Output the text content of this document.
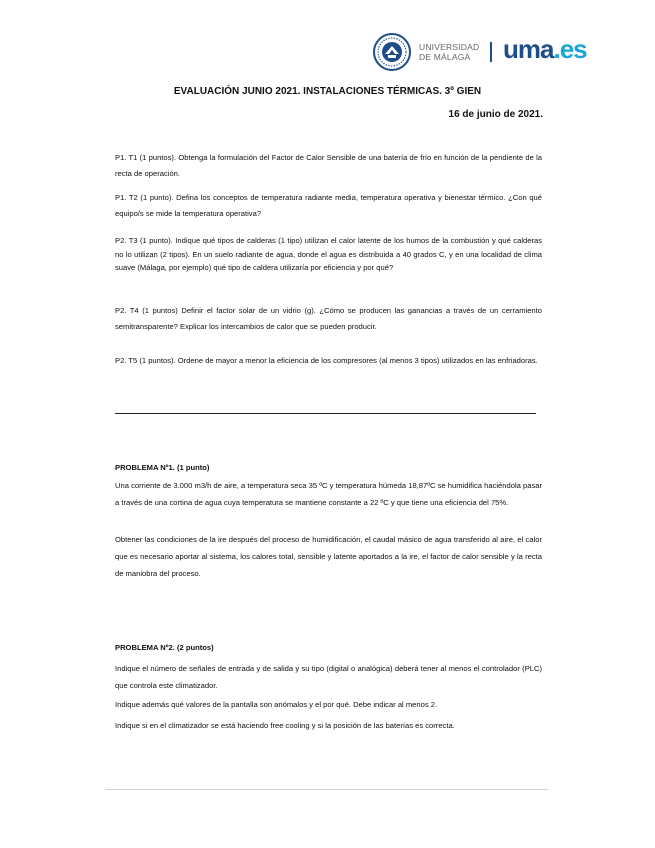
UNIVERSIDAD
DE MÁLAGA	uma.es
EVALUACIÓN JUNIO 2021. INSTALACIONES TÉRMICAS. 3º GIEN
16 de junio de 2021.

P1. T1 (1 puntos). Obtenga la formulación del Factor de Calor Sensible de una batería de frío en función de la pendiente de la recta de operación.

P1. T2 (1 punto). Defina los conceptos de temperatura radiante media, temperatura operativa y bienestar térmico. ¿Con qué equipo/s se mide la temperatura operativa?

P2. T3 (1 punto). Indique qué tipos de calderas (1 tipo) utilizan el calor latente de los humos de la combustión y qué calderas no lo utilizan (2 tipos). En un suelo radiante de agua, donde el agua es distribuida a 40 grados C, y en una localidad de clima suave (Málaga, por ejemplo) qué tipo de caldera utilizaría por eficiencia y por qué?

P2. T4 (1 puntos) Definir el factor solar de un vidrio (g). ¿Cómo se producen las ganancias a través de un cerramiento semitransparente? Explicar los intercambios de calor que se pueden producir.

P2. T5 (1 puntos). Ordene de mayor a menor la eficiencia de los compresores (al menos 3 tipos) utilizados en las enfriadoras.

PROBLEMA Nº1. (1 punto)

Una corriente de 3.000 m3/h de aire, a temperatura seca 35 ºC y temperatura húmeda 18,87ºC se humidifica haciéndola pasar a través de una cortina de agua cuya temperatura se mantiene constante a 22 ºC y que tiene una eficiencia del 75%.

Obtener las condiciones de la ire después del proceso de humidificación, el caudal másico de agua transferido al aire, el calor que es necesario aportar al sistema, los calores total, sensible y latente aportados a la ire, el factor de calor sensible y la recta de maniobra del proceso.

PROBLEMA Nº2. (2 puntos)

Indique el número de señales de entrada y de salida y su tipo (digital o analógica) deberá tener al menos el controlador (PLC) que controla este climatizador.

Indique además qué valores de la pantalla son anómalos y el por qué. Debe indicar al menos 2.

Indique si en el climatizador se está haciendo free cooling y si la posición de las baterías es correcta.
